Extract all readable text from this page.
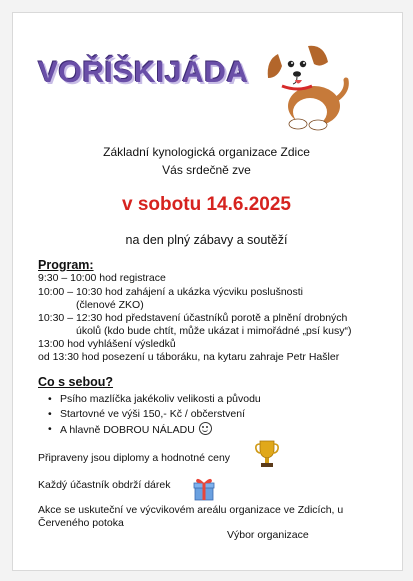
VOŘÍŠKIJÁDA
Základní kynologická organizace Zdice
Vás srdečně zve
v sobotu 14.6.2025
na den plný zábavy a soutěží
Program:
9:30 – 10:00 hod registrace
10:00 – 10:30 hod zahájení a ukázka výcviku poslušnosti
(členové ZKO)
10:30 – 12:30 hod představení účastníků porotě a plnění drobných
úkolů (kdo bude chtít, může ukázat i mimořádné „psí kusy“)
13:00 hod vyhlášení výsledků
od 13:30 hod posezení u táboráku, na kytaru zahraje Petr Hašler
Co s sebou?
• Psího mazlíčka jakékoliv velikosti a původu
• Startovné ve výši 150,- Kč / občerstvení
• A hlavně DOBROU NÁLADU
Připraveny jsou diplomy a hodnotné ceny
Každý účastník obdrží dárek
Akce se uskuteční ve výcvikovém areálu organizace ve Zdicích, u
Červeného potoka
Výbor organizace
